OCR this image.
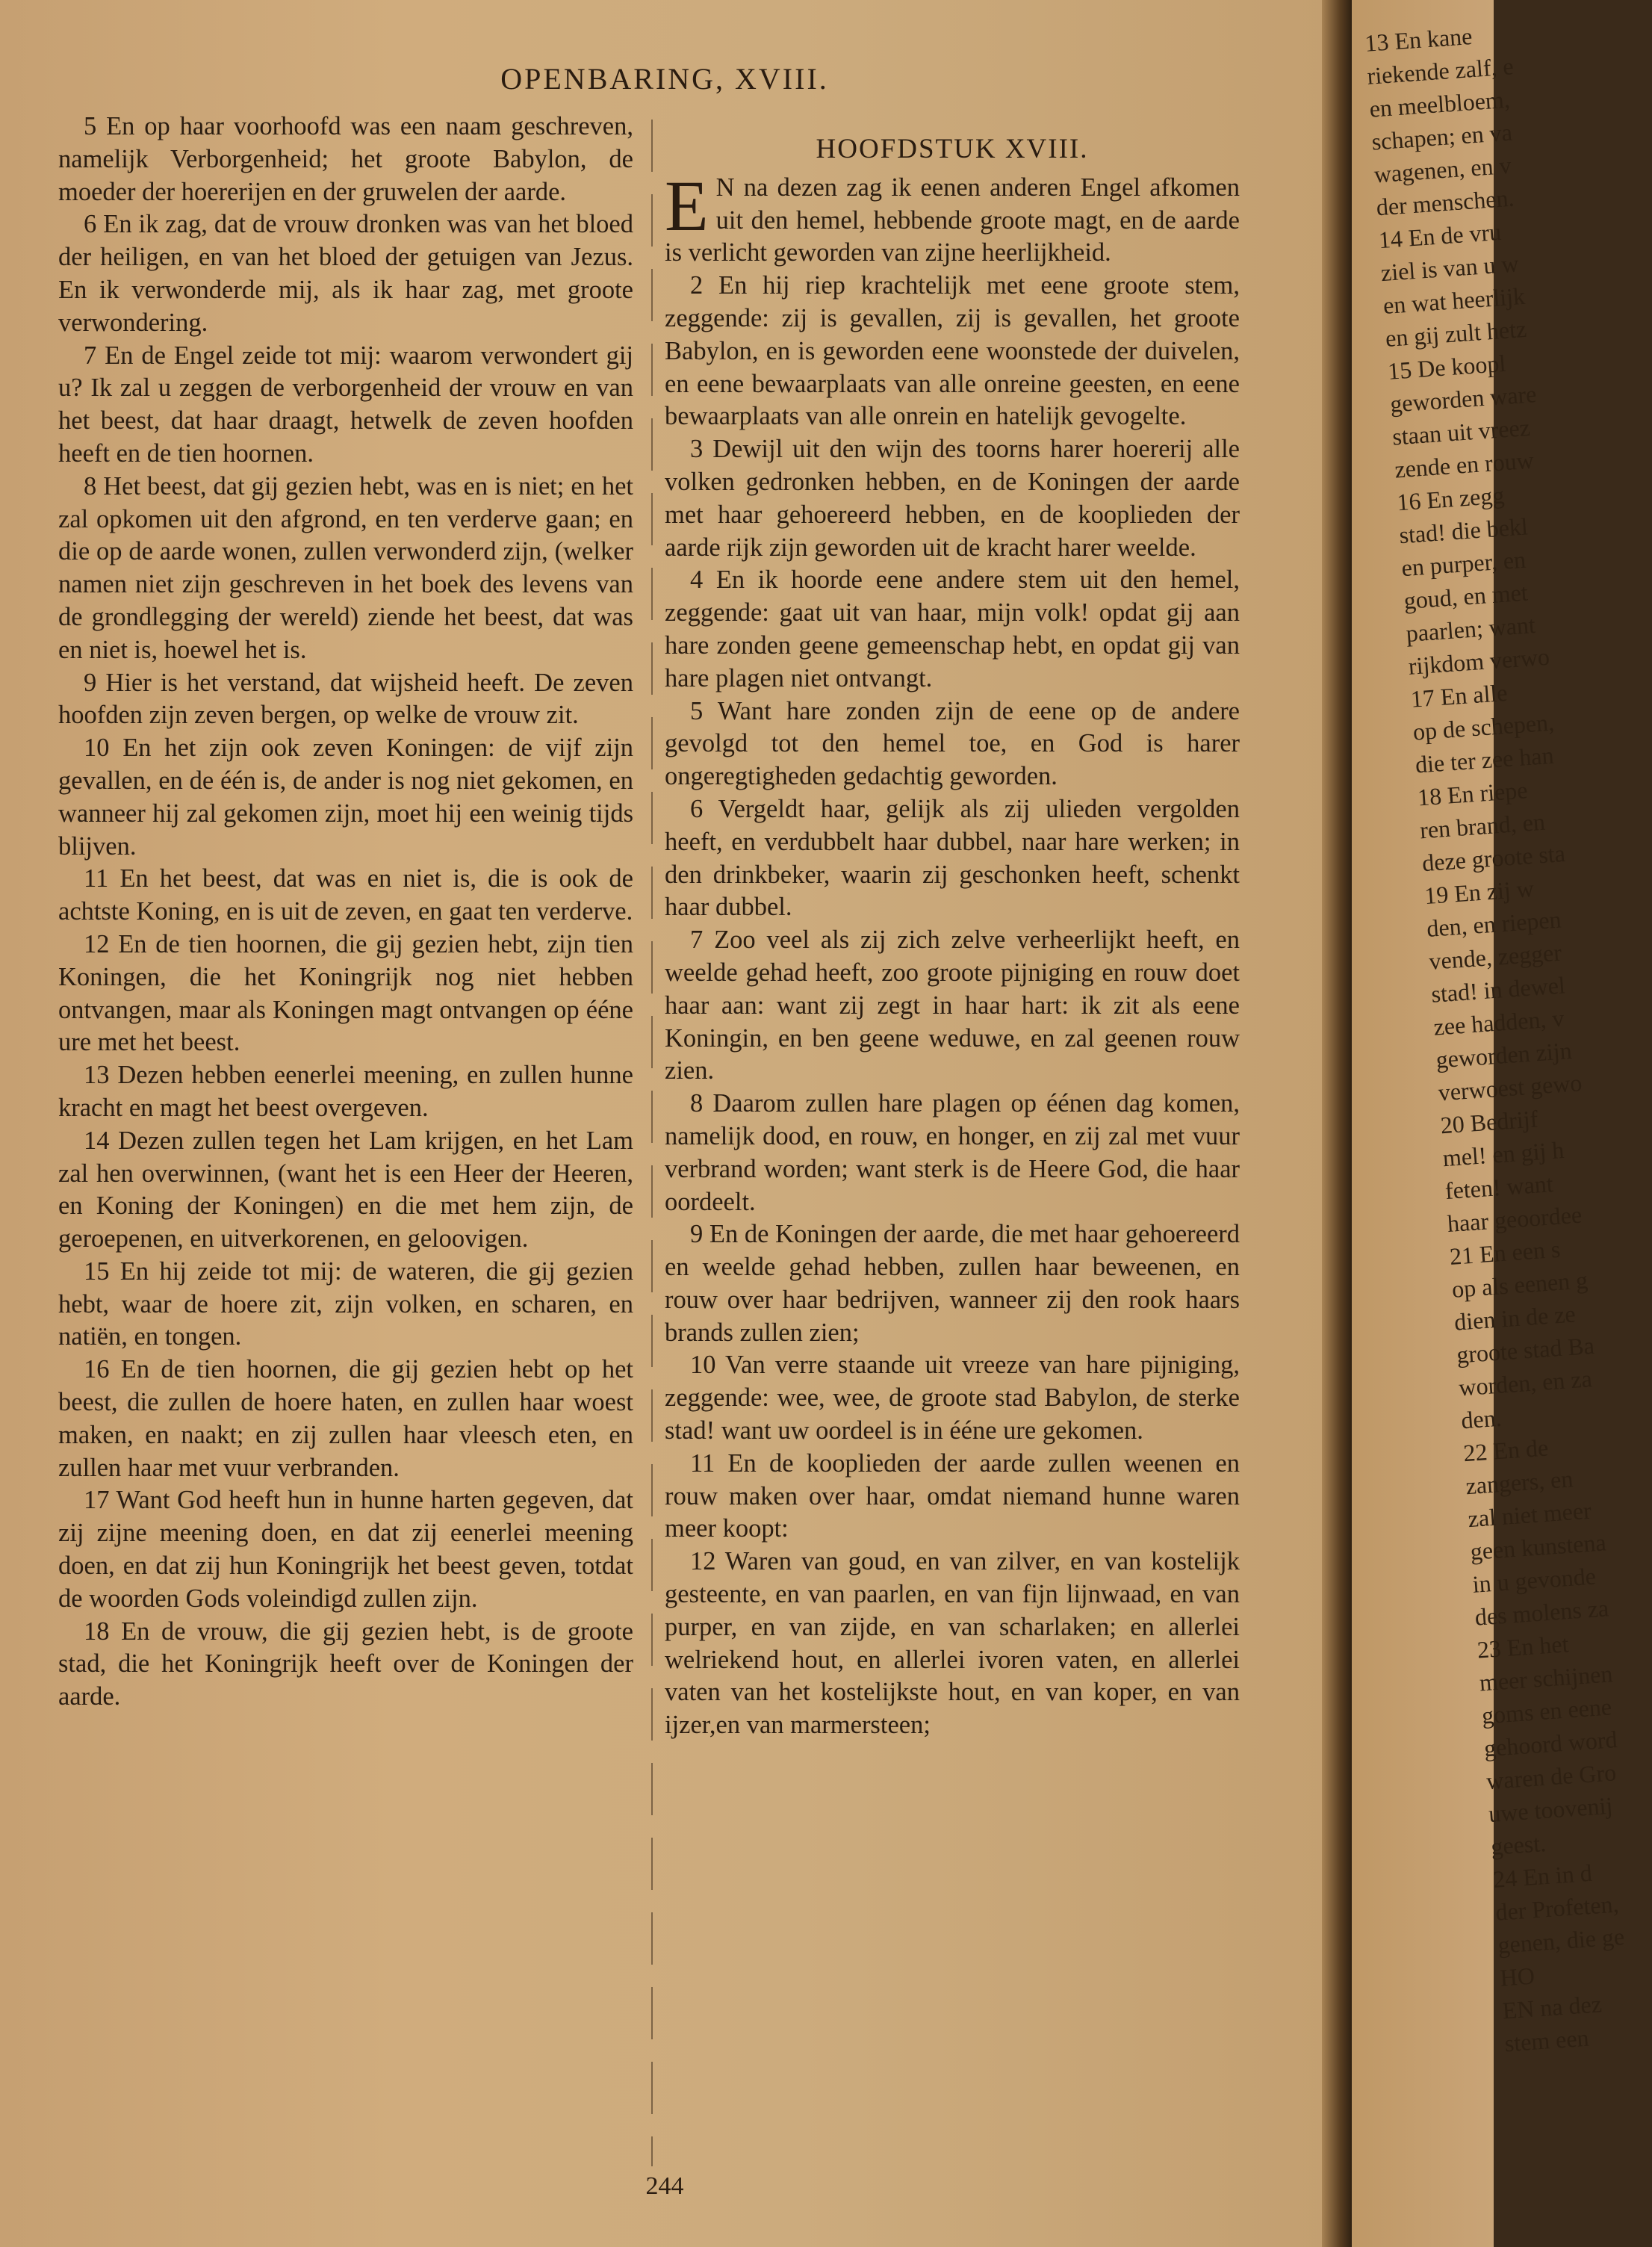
OPENBARING, XVIII.

5 En op haar voorhoofd was een naam geschreven, namelijk Verborgenheid; het groote Babylon, de moeder der hoererijen en der gruwelen der aarde.

6 En ik zag, dat de vrouw dronken was van het bloed der heiligen, en van het bloed der getuigen van Jezus. En ik verwonderde mij, als ik haar zag, met groote verwondering.

7 En de Engel zeide tot mij: waarom verwondert gij u? Ik zal u zeggen de verborgenheid der vrouw en van het beest, dat haar draagt, hetwelk de zeven hoofden heeft en de tien hoornen.

8 Het beest, dat gij gezien hebt, was en is niet; en het zal opkomen uit den afgrond, en ten verderve gaan; en die op de aarde wonen, zullen verwonderd zijn, (welker namen niet zijn geschreven in het boek des levens van de grondlegging der wereld) ziende het beest, dat was en niet is, hoewel het is.

9 Hier is het verstand, dat wijsheid heeft. De zeven hoofden zijn zeven bergen, op welke de vrouw zit.

10 En het zijn ook zeven Koningen: de vijf zijn gevallen, en de één is, de ander is nog niet gekomen, en wanneer hij zal gekomen zijn, moet hij een weinig tijds blijven.

11 En het beest, dat was en niet is, die is ook de achtste Koning, en is uit de zeven, en gaat ten verderve.

12 En de tien hoornen, die gij gezien hebt, zijn tien Koningen, die het Koningrijk nog niet hebben ontvangen, maar als Koningen magt ontvangen op ééne ure met het beest.

13 Dezen hebben eenerlei meening, en zullen hunne kracht en magt het beest overgeven.

14 Dezen zullen tegen het Lam krijgen, en het Lam zal hen overwinnen, (want het is een Heer der Heeren, en Koning der Koningen) en die met hem zijn, de geroepenen, en uitverkorenen, en geloovigen.

15 En hij zeide tot mij: de wateren, die gij gezien hebt, waar de hoere zit, zijn volken, en scharen, en natiën, en tongen.

16 En de tien hoornen, die gij gezien hebt op het beest, die zullen de hoere haten, en zullen haar woest maken, en naakt; en zij zullen haar vleesch eten, en zullen haar met vuur verbranden.

17 Want God heeft hun in hunne harten gegeven, dat zij zijne meening doen, en dat zij eenerlei meening doen, en dat zij hun Koningrijk het beest geven, totdat de woorden Gods voleindigd zullen zijn.

18 En de vrouw, die gij gezien hebt, is de groote stad, die het Koningrijk heeft over de Koningen der aarde.

HOOFDSTUK XVIII.

E N na dezen zag ik eenen anderen Engel afkomen uit den hemel, hebbende groote magt, en de aarde is verlicht geworden van zijne heerlijkheid.

2 En hij riep krachtelijk met eene groote stem, zeggende: zij is gevallen, zij is gevallen, het groote Babylon, en is geworden eene woonstede der duivelen, en eene bewaarplaats van alle onreine geesten, en eene bewaarplaats van alle onrein en hatelijk gevogelte.

3 Dewijl uit den wijn des toorns harer hoererij alle volken gedronken hebben, en de Koningen der aarde met haar gehoereerd hebben, en de kooplieden der aarde rijk zijn geworden uit de kracht harer weelde.

4 En ik hoorde eene andere stem uit den hemel, zeggende: gaat uit van haar, mijn volk! opdat gij aan hare zonden geene gemeenschap hebt, en opdat gij van hare plagen niet ontvangt.

5 Want hare zonden zijn de eene op de andere gevolgd tot den hemel toe, en God is harer ongeregtigheden gedachtig geworden.

6 Vergeldt haar, gelijk als zij ulieden vergolden heeft, en verdubbelt haar dubbel, naar hare werken; in den drinkbeker, waarin zij geschonken heeft, schenkt haar dubbel.

7 Zoo veel als zij zich zelve verheerlijkt heeft, en weelde gehad heeft, zoo groote pijniging en rouw doet haar aan: want zij zegt in haar hart: ik zit als eene Koningin, en ben geene weduwe, en zal geenen rouw zien.

8 Daarom zullen hare plagen op éénen dag komen, namelijk dood, en rouw, en honger, en zij zal met vuur verbrand worden; want sterk is de Heere God, die haar oordeelt.

9 En de Koningen der aarde, die met haar gehoereerd en weelde gehad hebben, zullen haar beweenen, en rouw over haar bedrijven, wanneer zij den rook haars brands zullen zien;

10 Van verre staande uit vreeze van hare pijniging, zeggende: wee, wee, de groote stad Babylon, de sterke stad! want uw oordeel is in ééne ure gekomen.

11 En de kooplieden der aarde zullen weenen en rouw maken over haar, omdat niemand hunne waren meer koopt:

12 Waren van goud, en van zilver, en van kostelijk gesteente, en van paarlen, en van fijn lijnwaad, en van purper, en van zijde, en van scharlaken; en allerlei welriekend hout, en allerlei ivoren vaten, en allerlei vaten van het kostelijkste hout, en van koper, en van ijzer,en van marmersteen;

244

13 En kane

riekende zalf, e

en meelbloem,

schapen; en va

wagenen, en v

der menschen.

14 En de vru

ziel is van u w

en wat heerlijk

en gij zult hetz

15 De koopl

geworden ware

staan uit vreez

zende en rouw

16 En zegg

stad! die bekl

en purper, en

goud, en met

paarlen; want

rijkdom verwo

17 En alle

op de schepen,

die ter zee han

18 En riepe

ren brand, en

deze groote sta

19 En zij w

den, en riepen

vende, zegger

stad! in dewel

zee hadden, v

geworden zijn

verwoest gewo

20 Bedrijf

mel! en gij h

feten! want

haar geoordee

21 En een s

op als eenen g

dien in de ze

groote stad Ba

worden, en za

den.

22 En de

zangers, en

zal niet meer

geen kunstena

in u gevonde

des molens za

23 En het

meer schijnen

goms en eene

gehoord word

waren de Gro

uwe toovenij

geest.

24 En in d

der Profeten,

genen, die ge

HO

EN na dez

stem een
